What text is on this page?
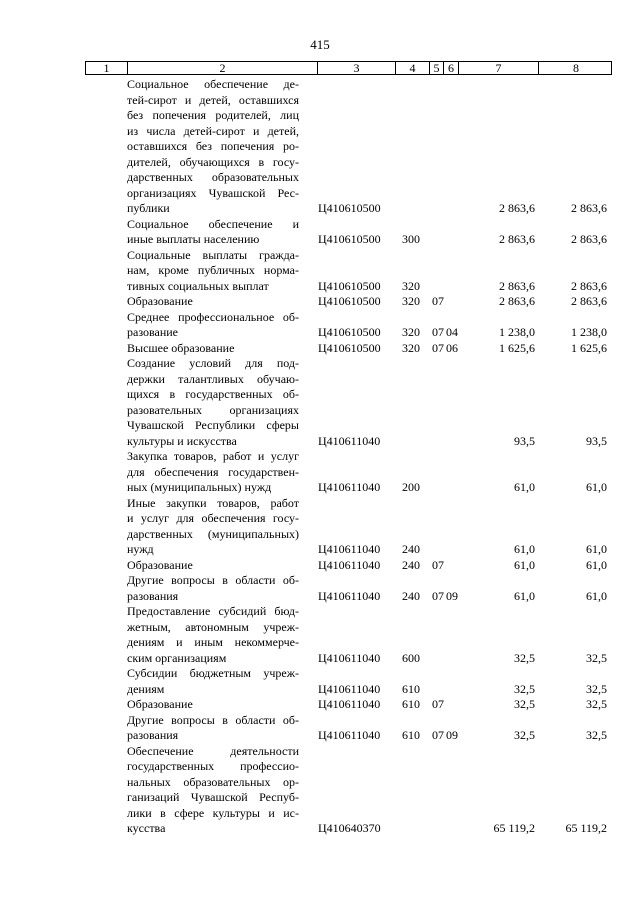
415
1	2	3	4	5 6	7	8
Социальное обеспечение де-
тей-сирот и детей, оставшихся
без попечения родителей, лиц
из числа детей-сирот и детей,
оставшихся без попечения ро-
дителей, обучающихся в госу-
дарственных образовательных
организациях Чувашской Рес-
публики	Ц410610500	2 863,6	2 863,6
Социальное обеспечение и
иные выплаты населению	Ц410610500 300	2 863,6	2 863,6
Социальные выплаты гражда-
нам, кроме публичных норма-
тивных социальных выплат	Ц410610500 320	2 863,6	2 863,6
Образование	Ц410610500 320 07	2 863,6	2 863,6
Среднее профессиональное об-
разование	Ц410610500 320 07 04	1 238,0	1 238,0
Высшее образование	Ц410610500 320 07 06	1 625,6	1 625,6
Создание условий для под-
держки талантливых обучаю-
щихся в государственных об-
разовательных организациях
Чувашской Республики сферы
культуры и искусства	Ц410611040	93,5	93,5
Закупка товаров, работ и услуг
для обеспечения государствен-
ных (муниципальных) нужд	Ц410611040 200	61,0	61,0
Иные закупки товаров, работ
и услуг для обеспечения госу-
дарственных (муниципальных)
нужд	Ц410611040 240	61,0	61,0
Образование	Ц410611040 240 07	61,0	61,0
Другие вопросы в области об-
разования	Ц410611040 240 07 09	61,0	61,0
Предоставление субсидий бюд-
жетным, автономным учреж-
дениям и иным некоммерче-
ским организациям	Ц410611040 600	32,5	32,5
Субсидии бюджетным учреж-
дениям	Ц410611040 610	32,5	32,5
Образование	Ц410611040 610 07	32,5	32,5
Другие вопросы в области об-
разования	Ц410611040 610 07 09	32,5	32,5
Обеспечение деятельности
государственных профессио-
нальных образовательных ор-
ганизаций Чувашской Респуб-
лики в сфере культуры и ис-
кусства	Ц410640370	65 119,2	65 119,2
